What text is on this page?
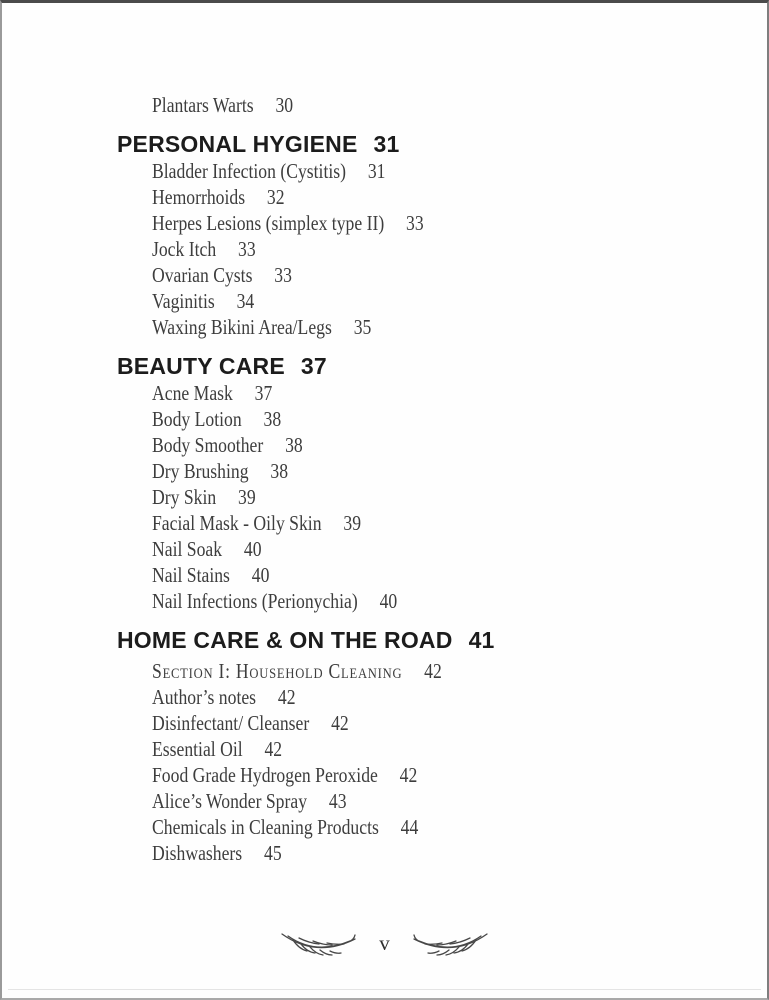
Plantars Warts 30
PERSONAL HYGIENE 31
Bladder Infection (Cystitis) 31
Hemorrhoids 32
Herpes Lesions (simplex type II) 33
Jock Itch 33
Ovarian Cysts 33
Vaginitis 34
Waxing Bikini Area/Legs 35
BEAUTY CARE 37
Acne Mask 37
Body Lotion 38
Body Smoother 38
Dry Brushing 38
Dry Skin 39
Facial Mask - Oily Skin 39
Nail Soak 40
Nail Stains 40
Nail Infections (Perionychia) 40
HOME CARE & ON THE ROAD 41
Section I: Household Cleaning 42
Author’s notes 42
Disinfectant/ Cleanser 42
Essential Oil 42
Food Grade Hydrogen Peroxide 42
Alice’s Wonder Spray 43
Chemicals in Cleaning Products 44
Dishwashers 45
v
